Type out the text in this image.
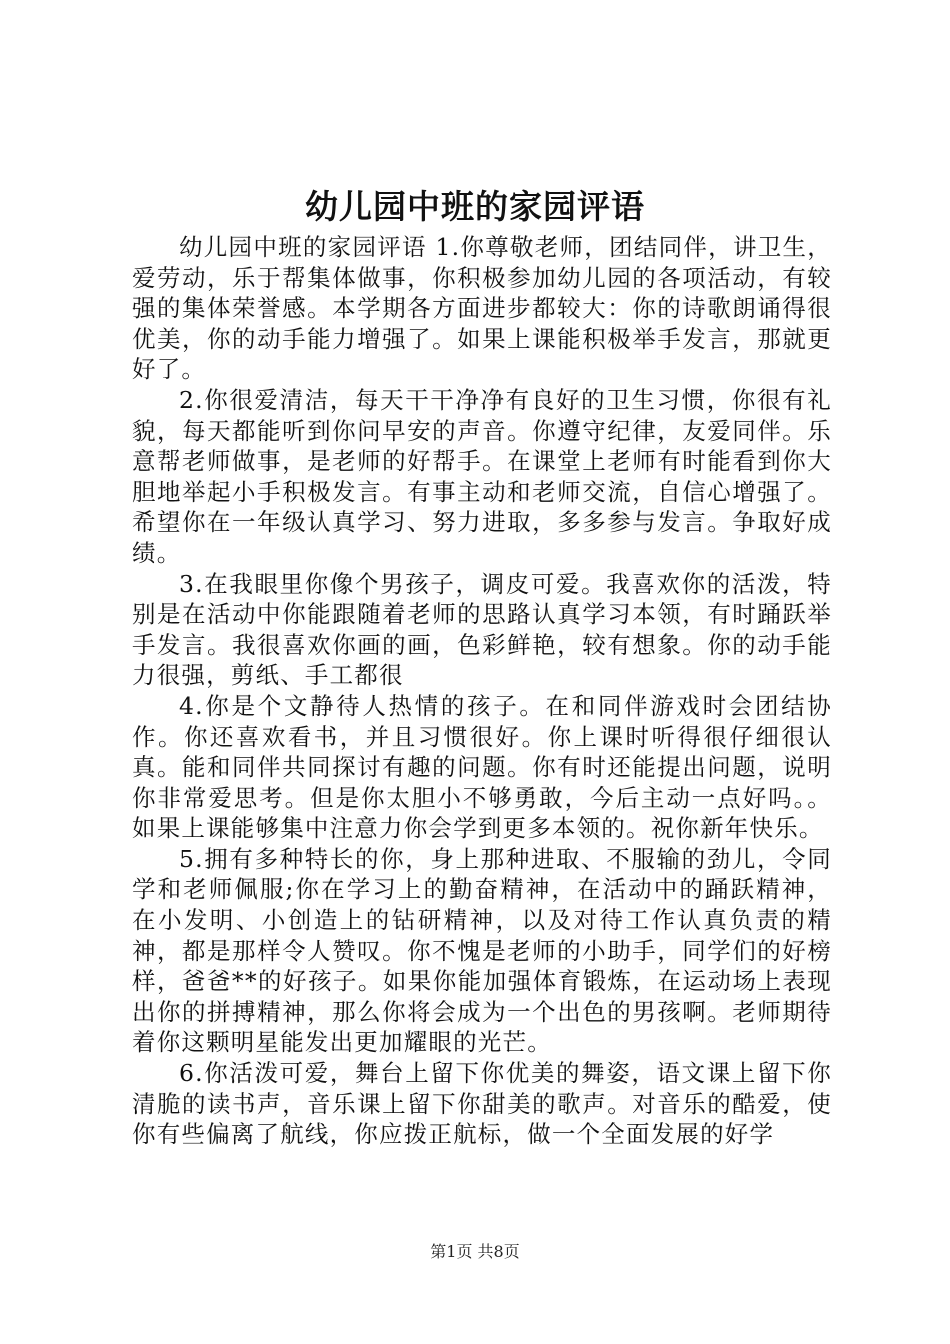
幼儿园中班的家园评语

幼儿园中班的家园评语 1.你尊敬老师，团结同伴，讲卫生，爱劳动，乐于帮集体做事，你积极参加幼儿园的各项活动，有较强的集体荣誉感。本学期各方面进步都较大：你的诗歌朗诵得很优美，你的动手能力增强了。如果上课能积极举手发言，那就更好了。

2.你很爱清洁，每天干干净净有良好的卫生习惯，你很有礼貌，每天都能听到你问早安的声音。你遵守纪律，友爱同伴。乐意帮老师做事，是老师的好帮手。在课堂上老师有时能看到你大胆地举起小手积极发言。有事主动和老师交流，自信心增强了。希望你在一年级认真学习、努力进取，多多参与发言。争取好成绩。

3.在我眼里你像个男孩子，调皮可爱。我喜欢你的活泼，特别是在活动中你能跟随着老师的思路认真学习本领，有时踊跃举手发言。我很喜欢你画的画，色彩鲜艳，较有想象。你的动手能力很强，剪纸、手工都很

4.你是个文静待人热情的孩子。在和同伴游戏时会团结协作。你还喜欢看书，并且习惯很好。你上课时听得很仔细很认真。能和同伴共同探讨有趣的问题。你有时还能提出问题，说明你非常爱思考。但是你太胆小不够勇敢，今后主动一点好吗。。如果上课能够集中注意力你会学到更多本领的。祝你新年快乐。

5.拥有多种特长的你，身上那种进取、不服输的劲儿，令同学和老师佩服;你在学习上的勤奋精神，在活动中的踊跃精神，在小发明、小创造上的钻研精神，以及对待工作认真负责的精神，都是那样令人赞叹。你不愧是老师的小助手，同学们的好榜样，爸爸**的好孩子。如果你能加强体育锻炼，在运动场上表现出你的拼搏精神，那么你将会成为一个出色的男孩啊。老师期待着你这颗明星能发出更加耀眼的光芒。

6.你活泼可爱，舞台上留下你优美的舞姿，语文课上留下你清脆的读书声，音乐课上留下你甜美的歌声。对音乐的酷爱，使你有些偏离了航线，你应拨正航标，做一个全面发展的好学

第1页 共8页
